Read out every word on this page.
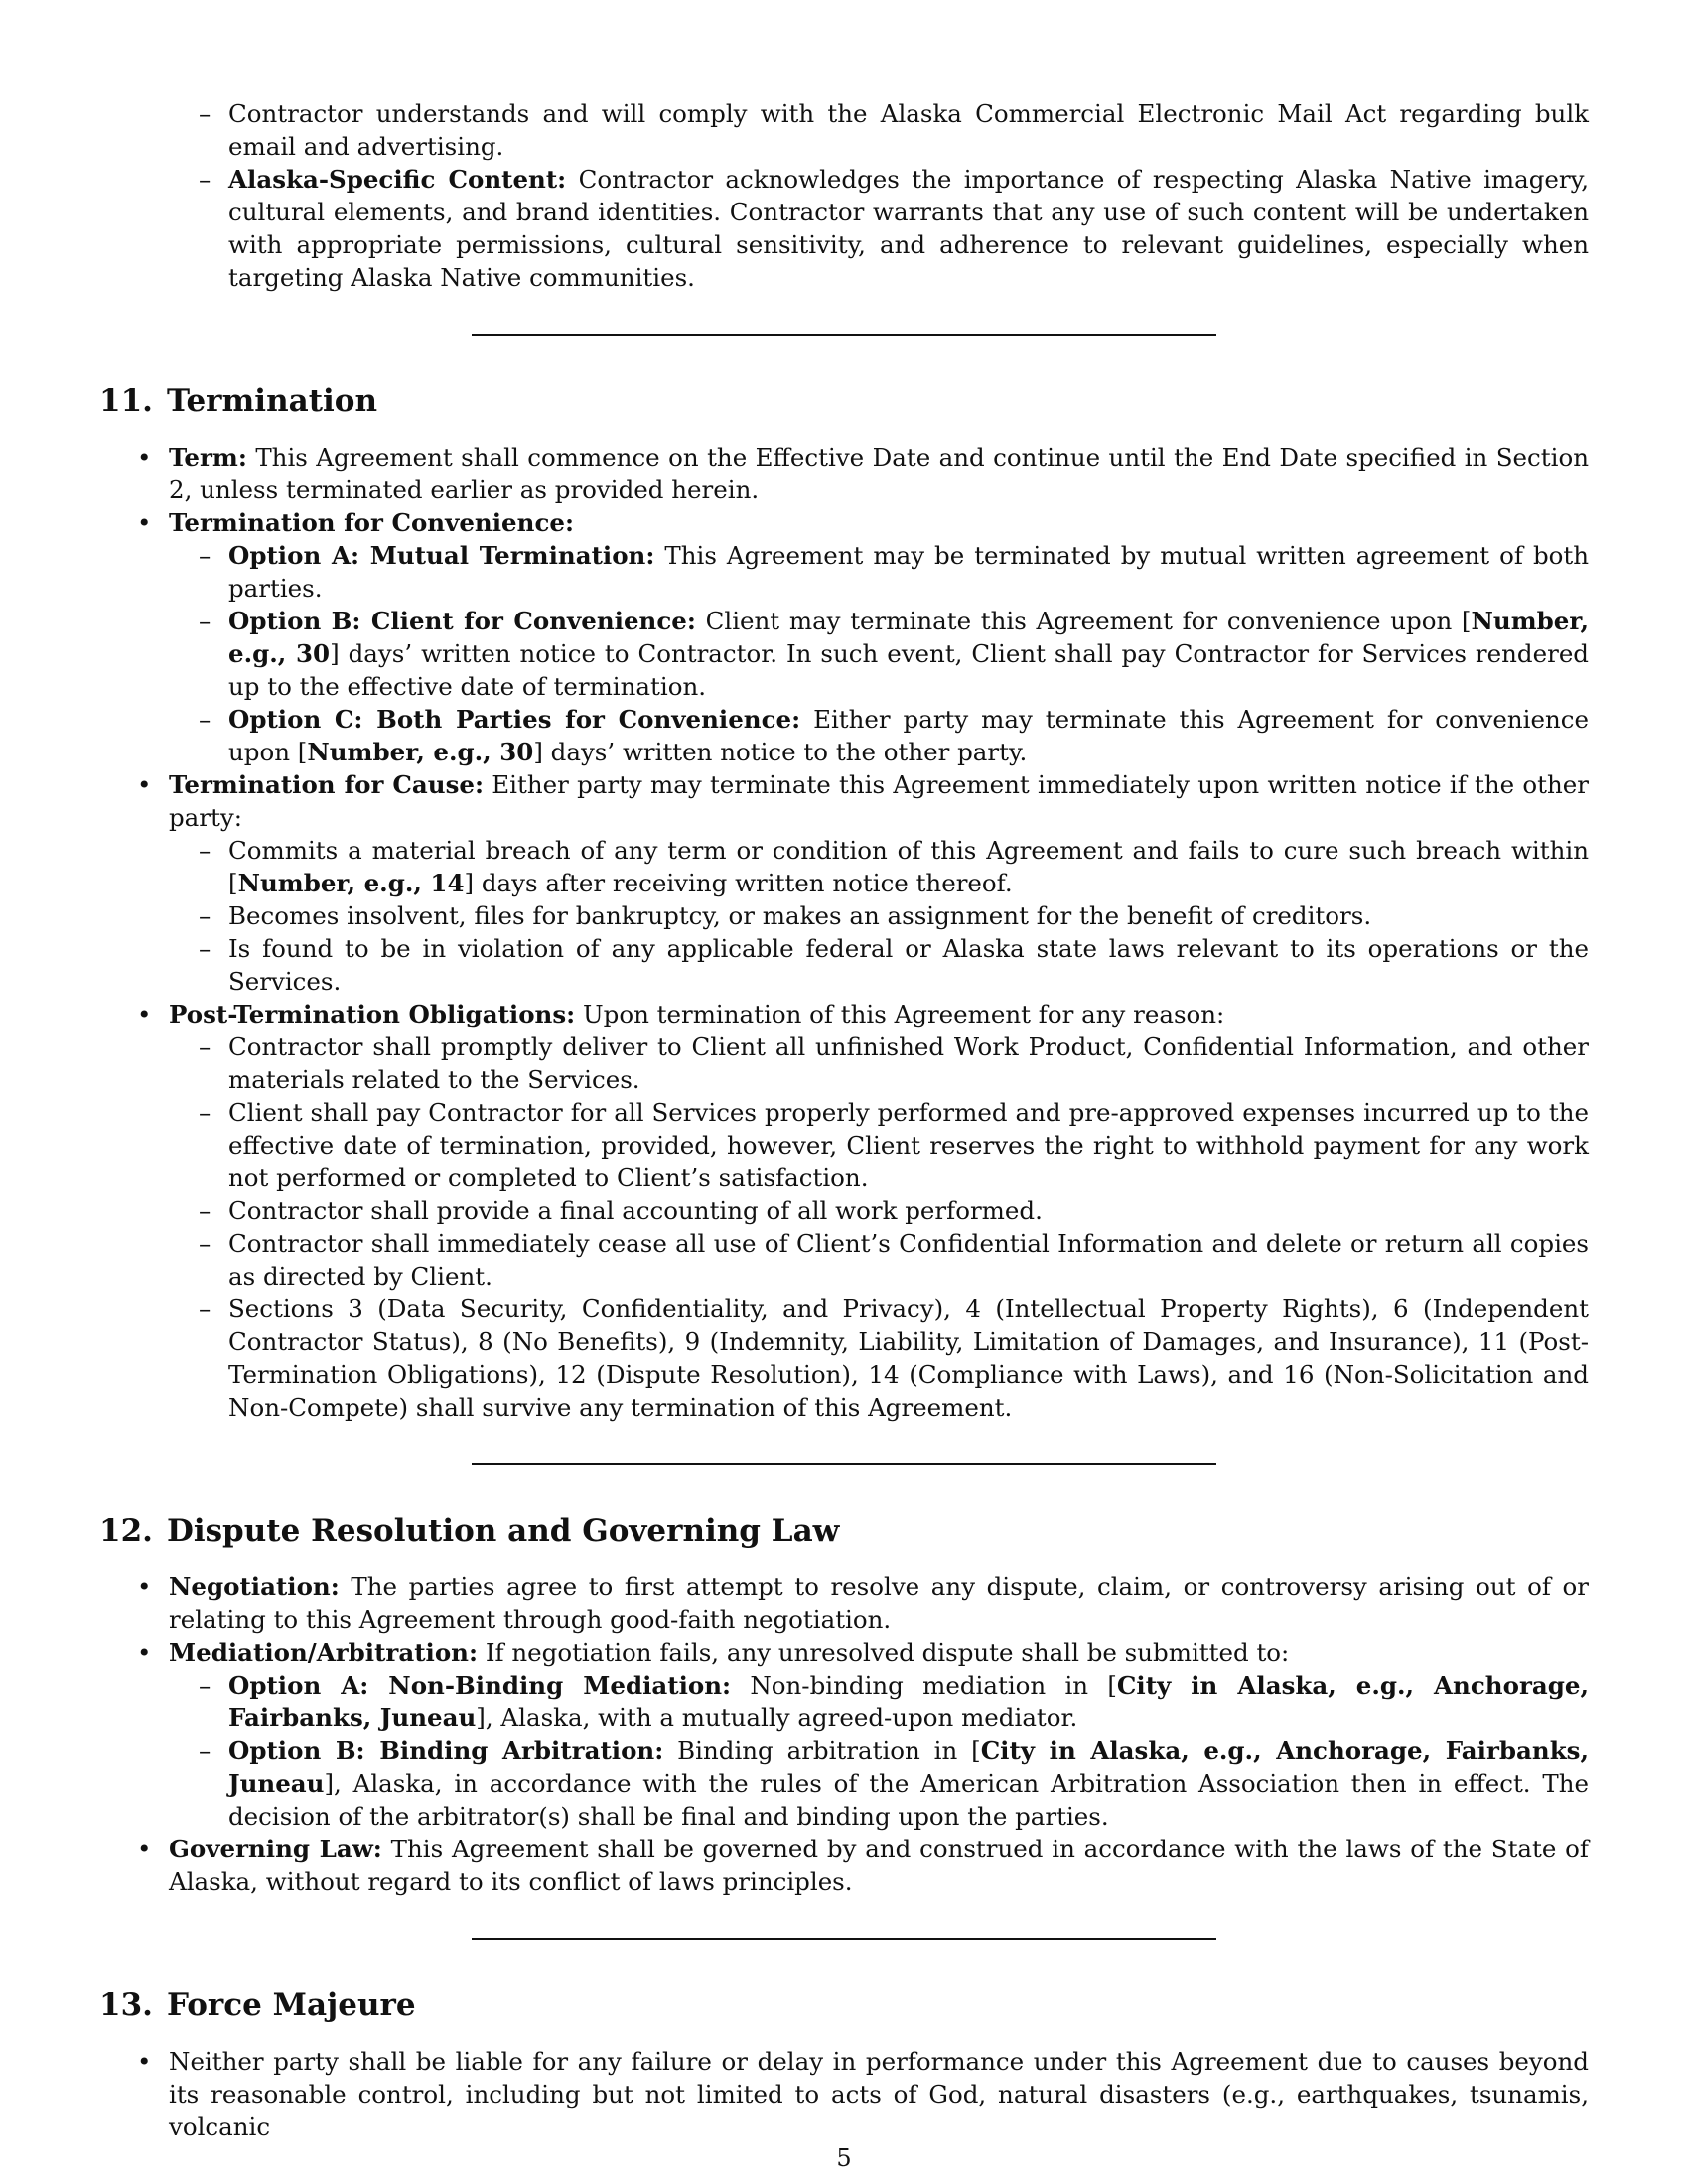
– Contractor understands and will comply with the Alaska Commercial Electronic Mail Act regarding bulk email and advertising.
– Alaska-Specific Content: Contractor acknowledges the importance of respecting Alaska Native imagery, cultural elements, and brand identities. Contractor warrants that any use of such content will be undertaken with appropriate permissions, cultural sensitivity, and adherence to relevant guidelines, especially when targeting Alaska Native communities.
11. Termination
• Term: This Agreement shall commence on the Effective Date and continue until the End Date specified in Section 2, unless terminated earlier as provided herein.
• Termination for Convenience:
– Option A: Mutual Termination: This Agreement may be terminated by mutual written agreement of both parties.
– Option B: Client for Convenience: Client may terminate this Agreement for convenience upon [Number, e.g., 30] days’ written notice to Contractor. In such event, Client shall pay Contractor for Services rendered up to the effective date of termination.
– Option C: Both Parties for Convenience: Either party may terminate this Agreement for convenience upon [Number, e.g., 30] days’ written notice to the other party.
• Termination for Cause: Either party may terminate this Agreement immediately upon written notice if the other party:
– Commits a material breach of any term or condition of this Agreement and fails to cure such breach within [Number, e.g., 14] days after receiving written notice thereof.
– Becomes insolvent, files for bankruptcy, or makes an assignment for the benefit of creditors.
– Is found to be in violation of any applicable federal or Alaska state laws relevant to its operations or the Services.
• Post-Termination Obligations: Upon termination of this Agreement for any reason:
– Contractor shall promptly deliver to Client all unfinished Work Product, Confidential Information, and other materials related to the Services.
– Client shall pay Contractor for all Services properly performed and pre-approved expenses incurred up to the effective date of termination, provided, however, Client reserves the right to withhold payment for any work not performed or completed to Client’s satisfaction.
– Contractor shall provide a final accounting of all work performed.
– Contractor shall immediately cease all use of Client’s Confidential Information and delete or return all copies as directed by Client.
– Sections 3 (Data Security, Confidentiality, and Privacy), 4 (Intellectual Property Rights), 6 (Independent Contractor Status), 8 (No Benefits), 9 (Indemnity, Liability, Limitation of Damages, and Insurance), 11 (Post-Termination Obligations), 12 (Dispute Resolution), 14 (Compliance with Laws), and 16 (Non-Solicitation and Non-Compete) shall survive any termination of this Agreement.
12. Dispute Resolution and Governing Law
• Negotiation: The parties agree to first attempt to resolve any dispute, claim, or controversy arising out of or relating to this Agreement through good-faith negotiation.
• Mediation/Arbitration: If negotiation fails, any unresolved dispute shall be submitted to:
– Option A: Non-Binding Mediation: Non-binding mediation in [City in Alaska, e.g., Anchorage, Fairbanks, Juneau], Alaska, with a mutually agreed-upon mediator.
– Option B: Binding Arbitration: Binding arbitration in [City in Alaska, e.g., Anchorage, Fairbanks, Juneau], Alaska, in accordance with the rules of the American Arbitration Association then in effect. The decision of the arbitrator(s) shall be final and binding upon the parties.
• Governing Law: This Agreement shall be governed by and construed in accordance with the laws of the State of Alaska, without regard to its conflict of laws principles.
13. Force Majeure
• Neither party shall be liable for any failure or delay in performance under this Agreement due to causes beyond its reasonable control, including but not limited to acts of God, natural disasters (e.g., earthquakes, tsunamis, volcanic
5
